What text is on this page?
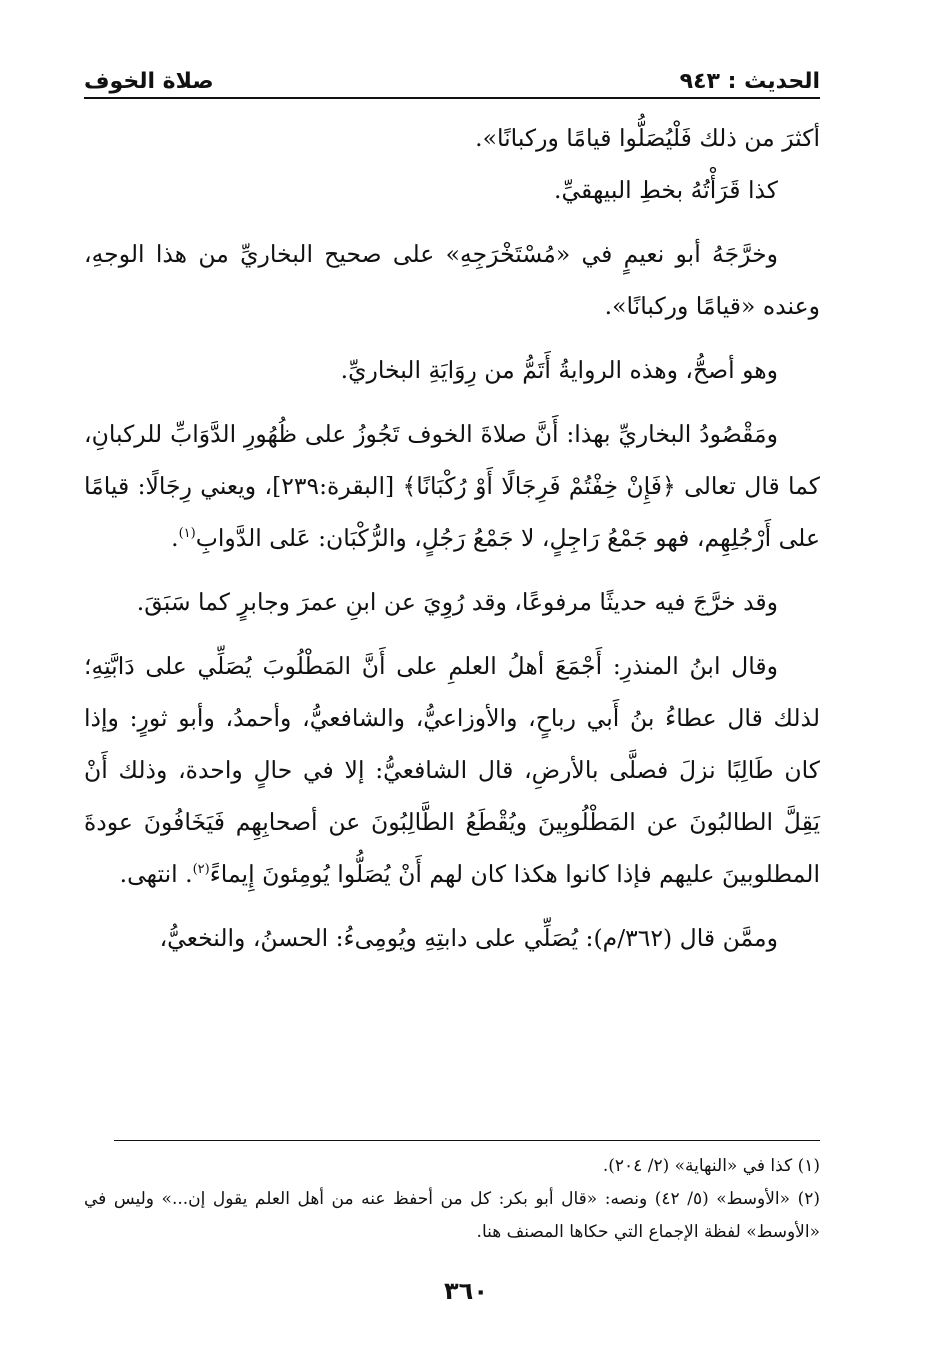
الحديث : ٩٤٣
صلاة الخوف

أكثرَ من ذلك فَلْيُصَلُّوا قيامًا وركبانًا».

كذا قَرَأْتُهُ بخطِ البيهقيِّ.

وخرَّجَهُ أبو نعيمٍ في «مُسْتَخْرَجِهِ» على صحيح البخاريِّ من هذا الوجهِ، وعنده «قيامًا وركبانًا».

وهو أصحُّ، وهذه الروايةُ أَتَمُّ من رِوَايَةِ البخاريِّ.

ومَقْصُودُ البخاريِّ بهذا: أَنَّ صلاةَ الخوف تَجُوزُ على ظُهُورِ الدَّوَابِّ للركبانِ، كما قال تعالى ﴿فَإِنْ خِفْتُمْ فَرِجَالًا أَوْ رُكْبَانًا﴾ [البقرة:٢٣٩]، ويعني رِجَالًا: قيامًا على أَرْجُلِهِم، فهو جَمْعُ رَاجِلٍ، لا جَمْعُ رَجُلٍ، والرُّكْبَان: عَلى الدَّوابِ$^{(١)}$.

وقد خرَّجَ فيه حديثًا مرفوعًا، وقد رُوِيَ عن ابنِ عمرَ وجابرٍ كما سَبَقَ.

وقال ابنُ المنذرِ: أَجْمَعَ أهلُ العلمِ على أَنَّ المَطْلُوبَ يُصَلِّي على دَابَّتِهِ؛ لذلك قال عطاءُ بنُ أَبي رباحٍ، والأوزاعيُّ، والشافعيُّ، وأحمدُ، وأبو ثورٍ: وإذا كان طَالِبًا نزلَ فصلَّى بالأرضِ، قال الشافعيُّ: إلا في حالٍ واحدة، وذلك أَنْ يَقِلَّ الطالبُونَ عن المَطْلُوبِينَ ويُقْطَعُ الطَّالِبُونَ عن أصحابِهِم فَيَخَافُونَ عودةَ المطلوبينَ عليهم فإذا كانوا هكذا كان لهم أَنْ يُصَلُّوا يُومِئونَ إِيماءً$^{(٢)}$. انتهى.

وممَّن قال (٣٦٢/م): يُصَلِّي على دابتِهِ ويُومِىءُ: الحسنُ، والنخعيُّ،

(١) كذا في «النهاية» (٢/ ٢٠٤).

(٢) «الأوسط» (٥/ ٤٢) ونصه: «قال أبو بكر: كل من أحفظ عنه من أهل العلم يقول إن...» وليس في «الأوسط» لفظة الإجماع التي حكاها المصنف هنا.

٣٦٠
